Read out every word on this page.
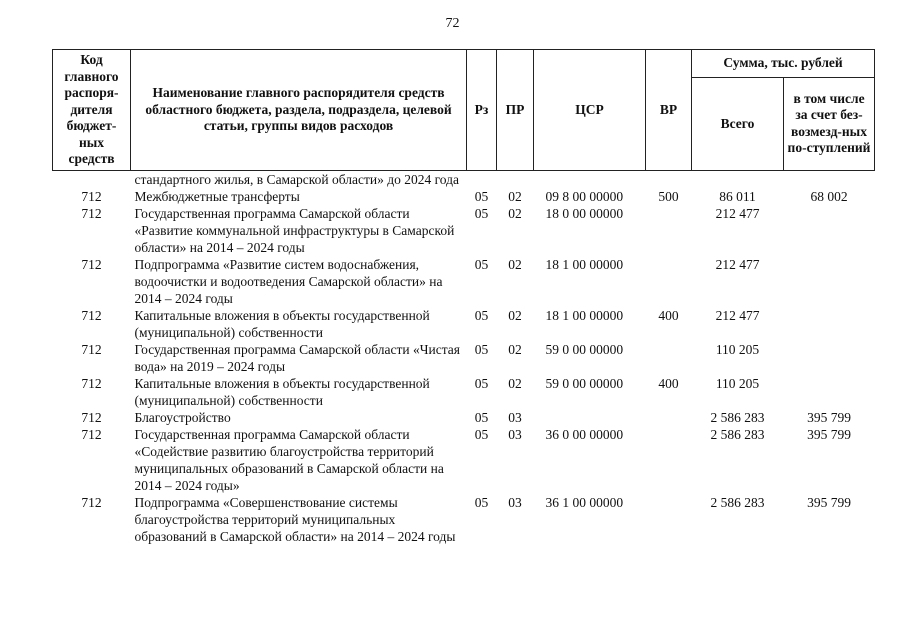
72
Код главного распоря-дителя бюджет-ных средств	Наименование главного распорядителя средств областного бюджета, раздела, подраздела, целевой статьи, группы видов расходов	Рз	ПР	ЦСР	ВР	Сумма, тыс. рублей	
						Всего	в том числе за счет без-возмезд-ных по-ступлений
	стандартного жилья, в Самарской области» до 2024 года						
712	Межбюджетные трансферты	05	02	09 8 00 00000	500	86 011	68 002
712	Государственная программа Самарской области «Развитие коммунальной инфраструктуры в Самарской области» на 2014 – 2024 годы	05	02	18 0 00 00000		212 477	
712	Подпрограмма «Развитие систем водоснабжения, водоочистки и водоотведения Самарской области» на 2014 – 2024 годы	05	02	18 1 00 00000		212 477	
712	Капитальные вложения в объекты государственной (муниципальной) собственности	05	02	18 1 00 00000	400	212 477	
712	Государственная программа Самарской области «Чистая вода» на 2019 – 2024 годы	05	02	59 0 00 00000		110 205	
712	Капитальные вложения в объекты государственной (муниципальной) собственности	05	02	59 0 00 00000	400	110 205	
712	Благоустройство	05	03			2 586 283	395 799
712	Государственная программа Самарской области «Содействие развитию благоустройства территорий муниципальных образований в Самарской области на 2014 – 2024 годы»	05	03	36 0 00 00000		2 586 283	395 799
712	Подпрограмма «Совершенствование системы благоустройства территорий муниципальных образований в Самарской области» на 2014 – 2024 годы	05	03	36 1 00 00000		2 586 283	395 799
